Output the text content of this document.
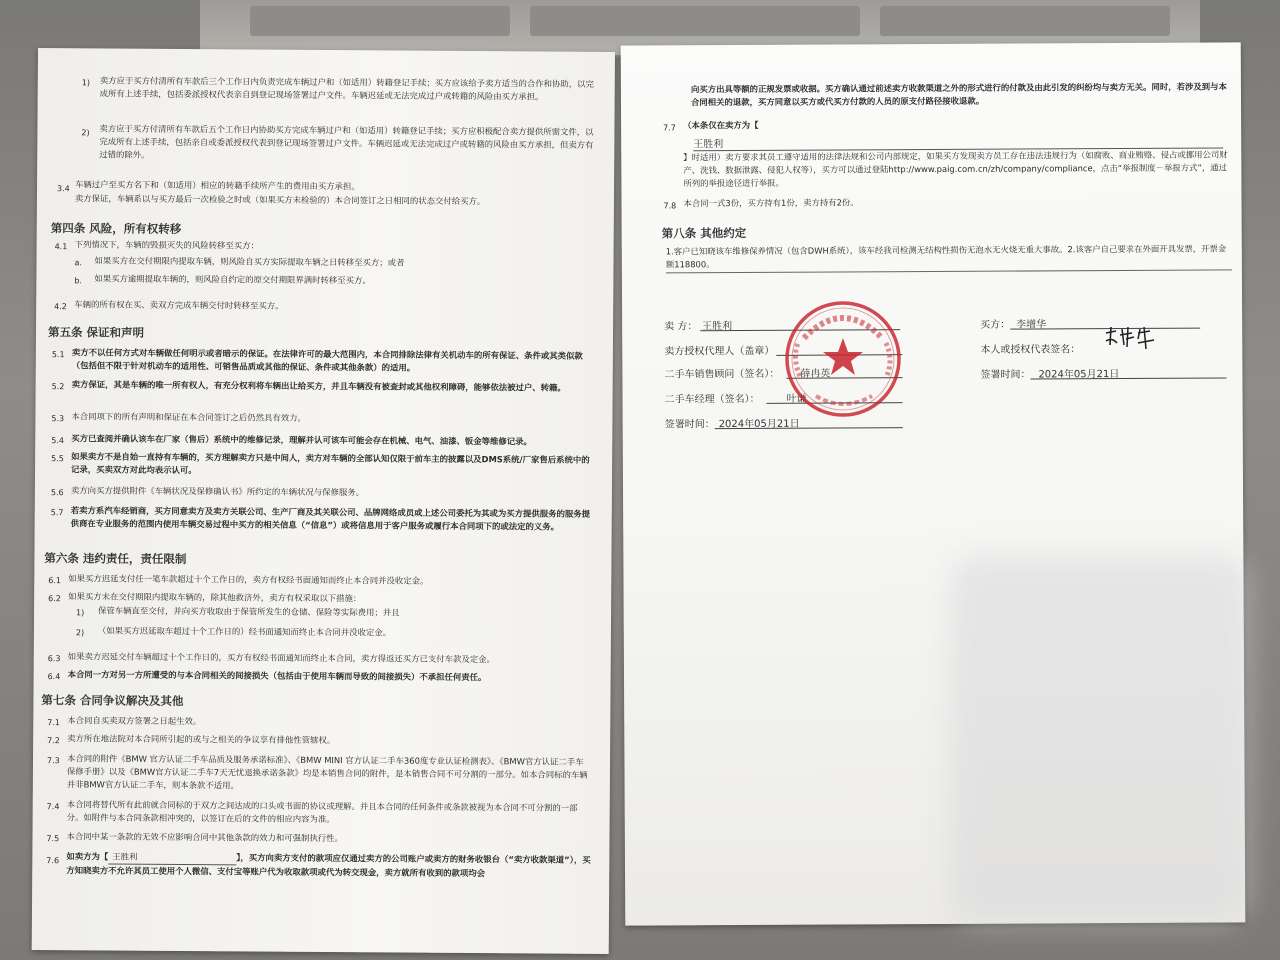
1) 卖方应于买方付清所有车款后三个工作日内负责完成车辆过户和（如适用）转籍登记手续；买方应该给予卖方适当的合作和协助，以完成所有上述手续，包括委派授权代表亲自到登记现场签署过户文件。车辆迟延或无法完成过户或转籍的风险由买方承担。
2) 卖方应于买方付清所有车款后五个工作日内协助买方完成车辆过户和（如适用）转籍登记手续；买方应积极配合卖方提供所需文件，以完成所有上述手续，包括亲自或委派授权代表到登记现场签署过户文件。车辆迟延或无法完成过户或转籍的风险由买方承担，但卖方有过错的除外。
3.4 车辆过户至买方名下和（如适用）相应的转籍手续所产生的费用由买方承担。
卖方保证，车辆系以与买方最后一次检验之时或（如果买方未检验的）本合同签订之日相同的状态交付给买方。
第四条 风险，所有权转移
4.1 下列情况下，车辆的毁损灭失的风险转移至买方：
a. 如果买方在交付期限内提取车辆，则风险自买方实际提取车辆之日转移至买方；或者
b. 如果买方逾期提取车辆的，则风险自约定的原交付期限界满时转移至买方。
4.2 车辆的所有权在买、卖双方完成车辆交付时转移至买方。
第五条 保证和声明
5.1 卖方不以任何方式对车辆做任何明示或者暗示的保证。在法律许可的最大范围内，本合同排除法律有关机动车的所有保证、条件或其类似款（包括但不限于针对机动车的适用性、可销售品质或其他的保证、条件或其他条款）的适用。
5.2 卖方保证，其是车辆的唯一所有权人，有充分权利将车辆出让给买方，并且车辆没有被查封或其他权利障碍，能够依法被过户、转籍。
5.3 本合同项下的所有声明和保证在本合同签订之后仍然具有效力。
5.4 买方已查阅并确认该车在厂家（售后）系统中的维修记录，理解并认可该车可能会存在机械、电气、油漆、钣金等维修记录。
5.5 如果卖方不是自始一直持有车辆的，买方理解卖方只是中间人，卖方对车辆的全部认知仅限于前车主的披露以及DMS系统/厂家售后系统中的记录，买卖双方对此均表示认可。
5.6 卖方向买方提供附件《车辆状况及保修确认书》所约定的车辆状况与保修服务。
5.7 若卖方系汽车经销商，买方同意卖方及卖方关联公司、生产厂商及其关联公司、品牌网络成员或上述公司委托为其或为买方提供服务的服务提供商在专业服务的范围内使用车辆交易过程中买方的相关信息（“信息”）或将信息用于客户服务或履行本合同项下的或法定的义务。
第六条 违约责任，责任限制
6.1 如果买方迟延支付任一笔车款超过十个工作日的，卖方有权经书面通知而终止本合同并没收定金。
6.2 如果买方未在交付期限内提取车辆的，除其他救济外，卖方有权采取以下措施：
1) 保管车辆直至交付，并向买方收取由于保管所发生的仓储、保险等实际费用；并且
2) （如果买方迟延取车超过十个工作日的）经书面通知而终止本合同并没收定金。
6.3 如果卖方迟延交付车辆超过十个工作日的，买方有权经书面通知而终止本合同，卖方得返还买方已支付车款及定金。
6.4 本合同一方对另一方所遭受的与本合同相关的间接损失（包括由于使用车辆而导致的间接损失）不承担任何责任。
第七条 合同争议解决及其他
7.1 本合同自买卖双方签署之日起生效。
7.2 卖方所在地法院对本合同所引起的或与之相关的争议享有排他性管辖权。
7.3 本合同的附件《BMW 官方认证二手车品质及服务承诺标准》、《BMW MINI 官方认证二手车360度专业认证检测表》、《BMW官方认证二手车保修手册》以及《BMW官方认证二手车7天无忧退换承诺条款》均是本销售合同的附件，是本销售合同不可分割的一部分。如本合同标的车辆并非BMW官方认证二手车，则本条款不适用。
7.4 本合同将替代所有此前就合同标的于双方之间达成的口头或书面的协议或理解。并且本合同的任何条件或条款被视为本合同不可分割的一部分。如附件与本合同条款相冲突的，以签订在后的文件的相应内容为准。
7.5 本合同中某一条款的无效不应影响合同中其他条款的效力和可强制执行性。
7.6 如卖方为【 王胜利	】，买方向卖方支付的款项应仅通过卖方的公司账户或卖方的财务收银台（“卖方收款渠道”），买方知晓卖方不允许其员工使用个人微信、支付宝等账户代为收取款项或代为转交现金，卖方就所有收到的款项均会
向买方出具等额的正规发票或收据。买方确认通过前述卖方收款渠道之外的形式进行的付款及由此引发的纠纷均与卖方无关。同时，若涉及到与本合同相关的退款，买方同意以买方或代买方付款的人员的原支付路径接收退款。
7.7 （本条仅在卖方为【
王胜利
】时适用）卖方要求其员工遵守适用的法律法规和公司内部规定，如果买方发现卖方员工存在违法违规行为（如腐败、商业贿赂、侵占或挪用公司财产、洗钱、数据泄露、侵犯人权等），买方可以通过登陆http://www.paig.com.cn/zh/company/compliance，点击“举报制度－举报方式”，通过所列的举报途径进行举报。
7.8 本合同一式3份，买方持有1份，卖方持有2份。
第八条 其他约定
1.客户已知晓该车维修保养情况（包含DWH系统），该车经我司检测无结构性损伤无泡水无火烧无重大事故。2.该客户自己要求在外面开具发票，开票金额118800。
卖 方： 王胜利
卖方授权代理人（盖章）
二手车销售顾问（签名）： 薛冉英
二手车经理（签名）：	叶谦
签署时间： 2024年05月21日
买方： 李增华
本人或授权代表签名：
签署时间： 2024年05月21日
